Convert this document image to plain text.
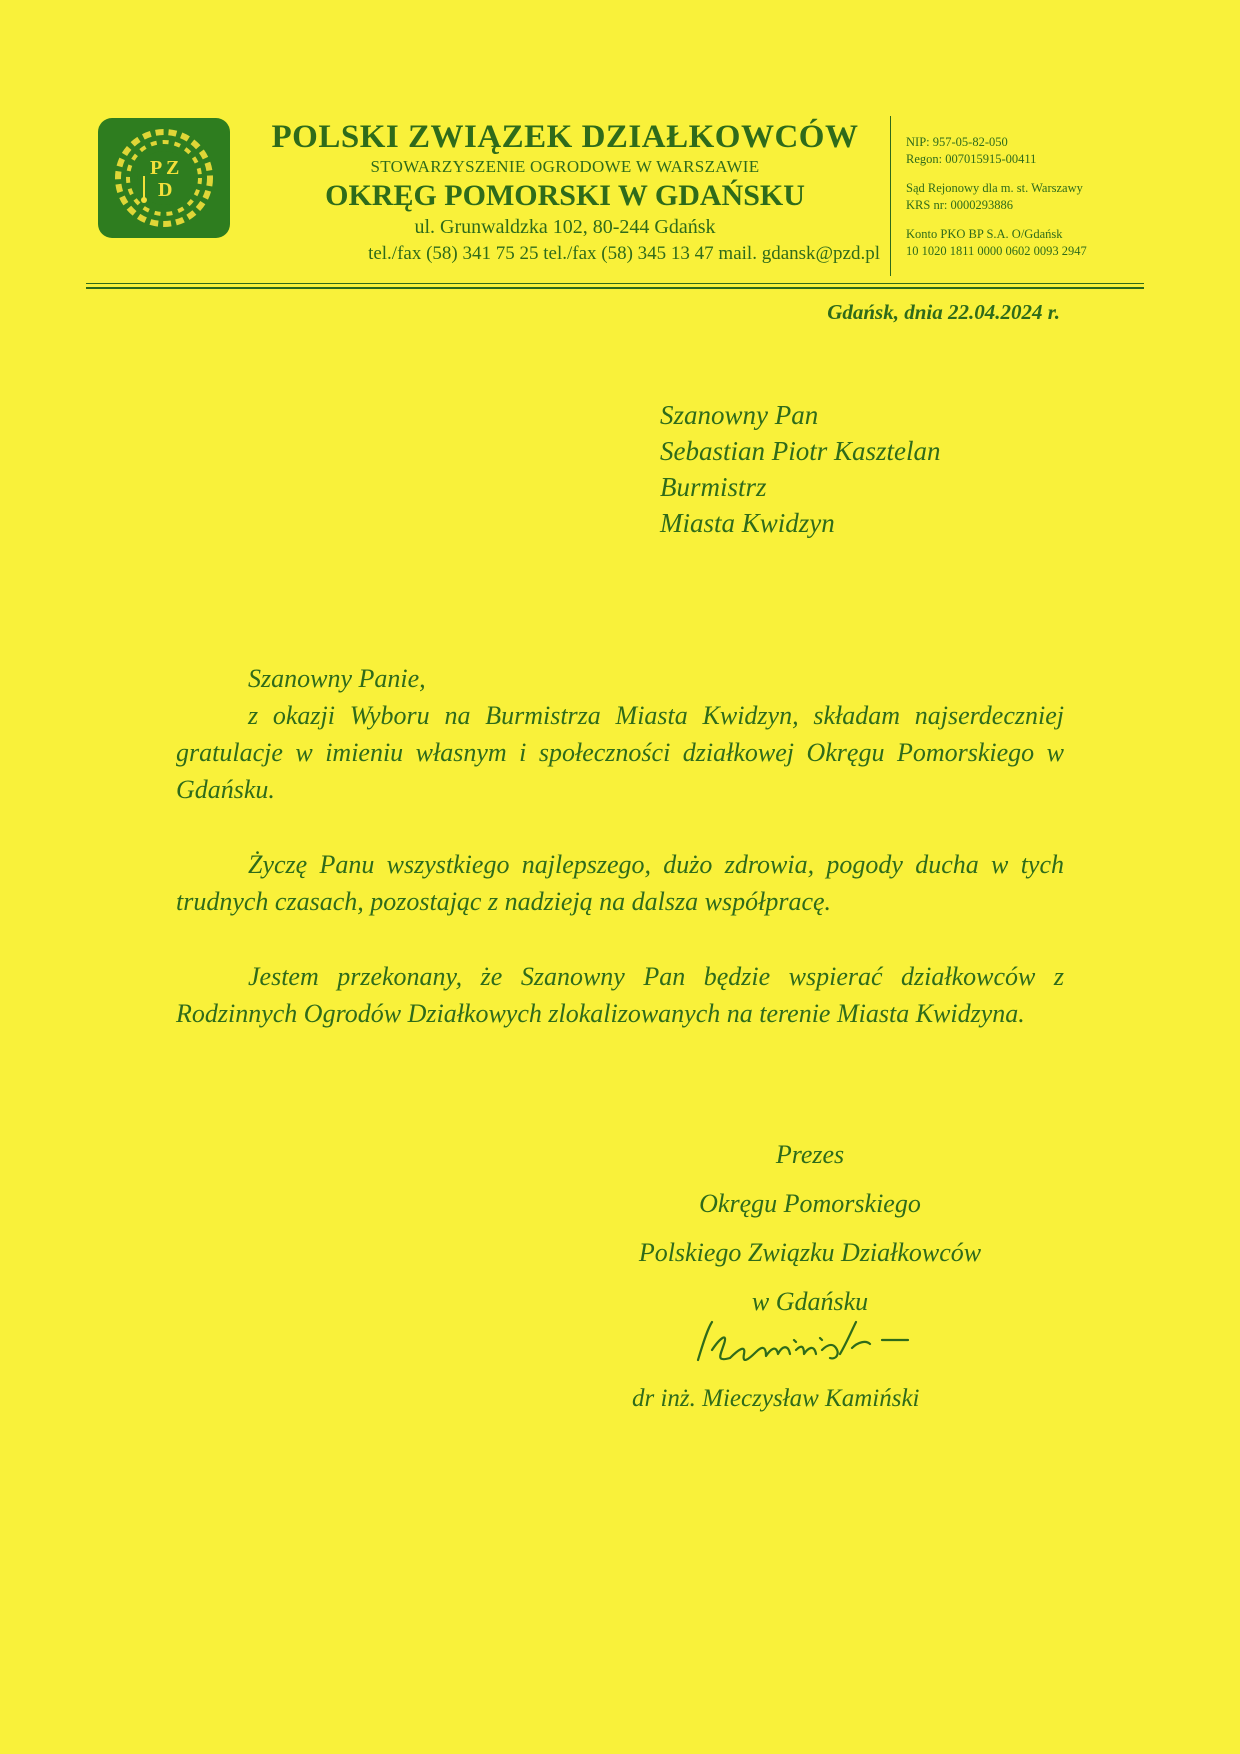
P Z
D
POLSKI ZWIĄZEK DZIAŁKOWCÓW
STOWARZYSZENIE OGRODOWE W WARSZAWIE
OKRĘG POMORSKI W GDAŃSKU
ul. Grunwaldzka 102, 80-244 Gdańsk
tel./fax (58) 341 75 25 tel./fax (58) 345 13 47 mail. gdansk@pzd.pl

NIP: 957-05-82-050
Regon: 007015915-00411

Sąd Rejonowy dla m. st. Warszawy
KRS nr: 0000293886

Konto PKO BP S.A. O/Gdańsk
10 1020 1811 0000 0602 0093 2947

Gdańsk, dnia 22.04.2024 r.
Szanowny Pan
Sebastian Piotr Kasztelan
Burmistrz
Miasta Kwidzyn

Szanowny Panie,

z okazji Wyboru na Burmistrza Miasta Kwidzyn, składam najserdeczniej gratulacje w imieniu własnym i społeczności działkowej Okręgu Pomorskiego w Gdańsku.

Życzę Panu wszystkiego najlepszego, dużo zdrowia, pogody ducha w tych trudnych czasach, pozostając z nadzieją na dalsza współpracę.

Jestem przekonany, że Szanowny Pan będzie wspierać działkowców z Rodzinnych Ogrodów Działkowych zlokalizowanych na terenie Miasta Kwidzyna.

Prezes
Okręgu Pomorskiego
Polskiego Związku Działkowców
w Gdańsku
dr inż. Mieczysław Kamiński
